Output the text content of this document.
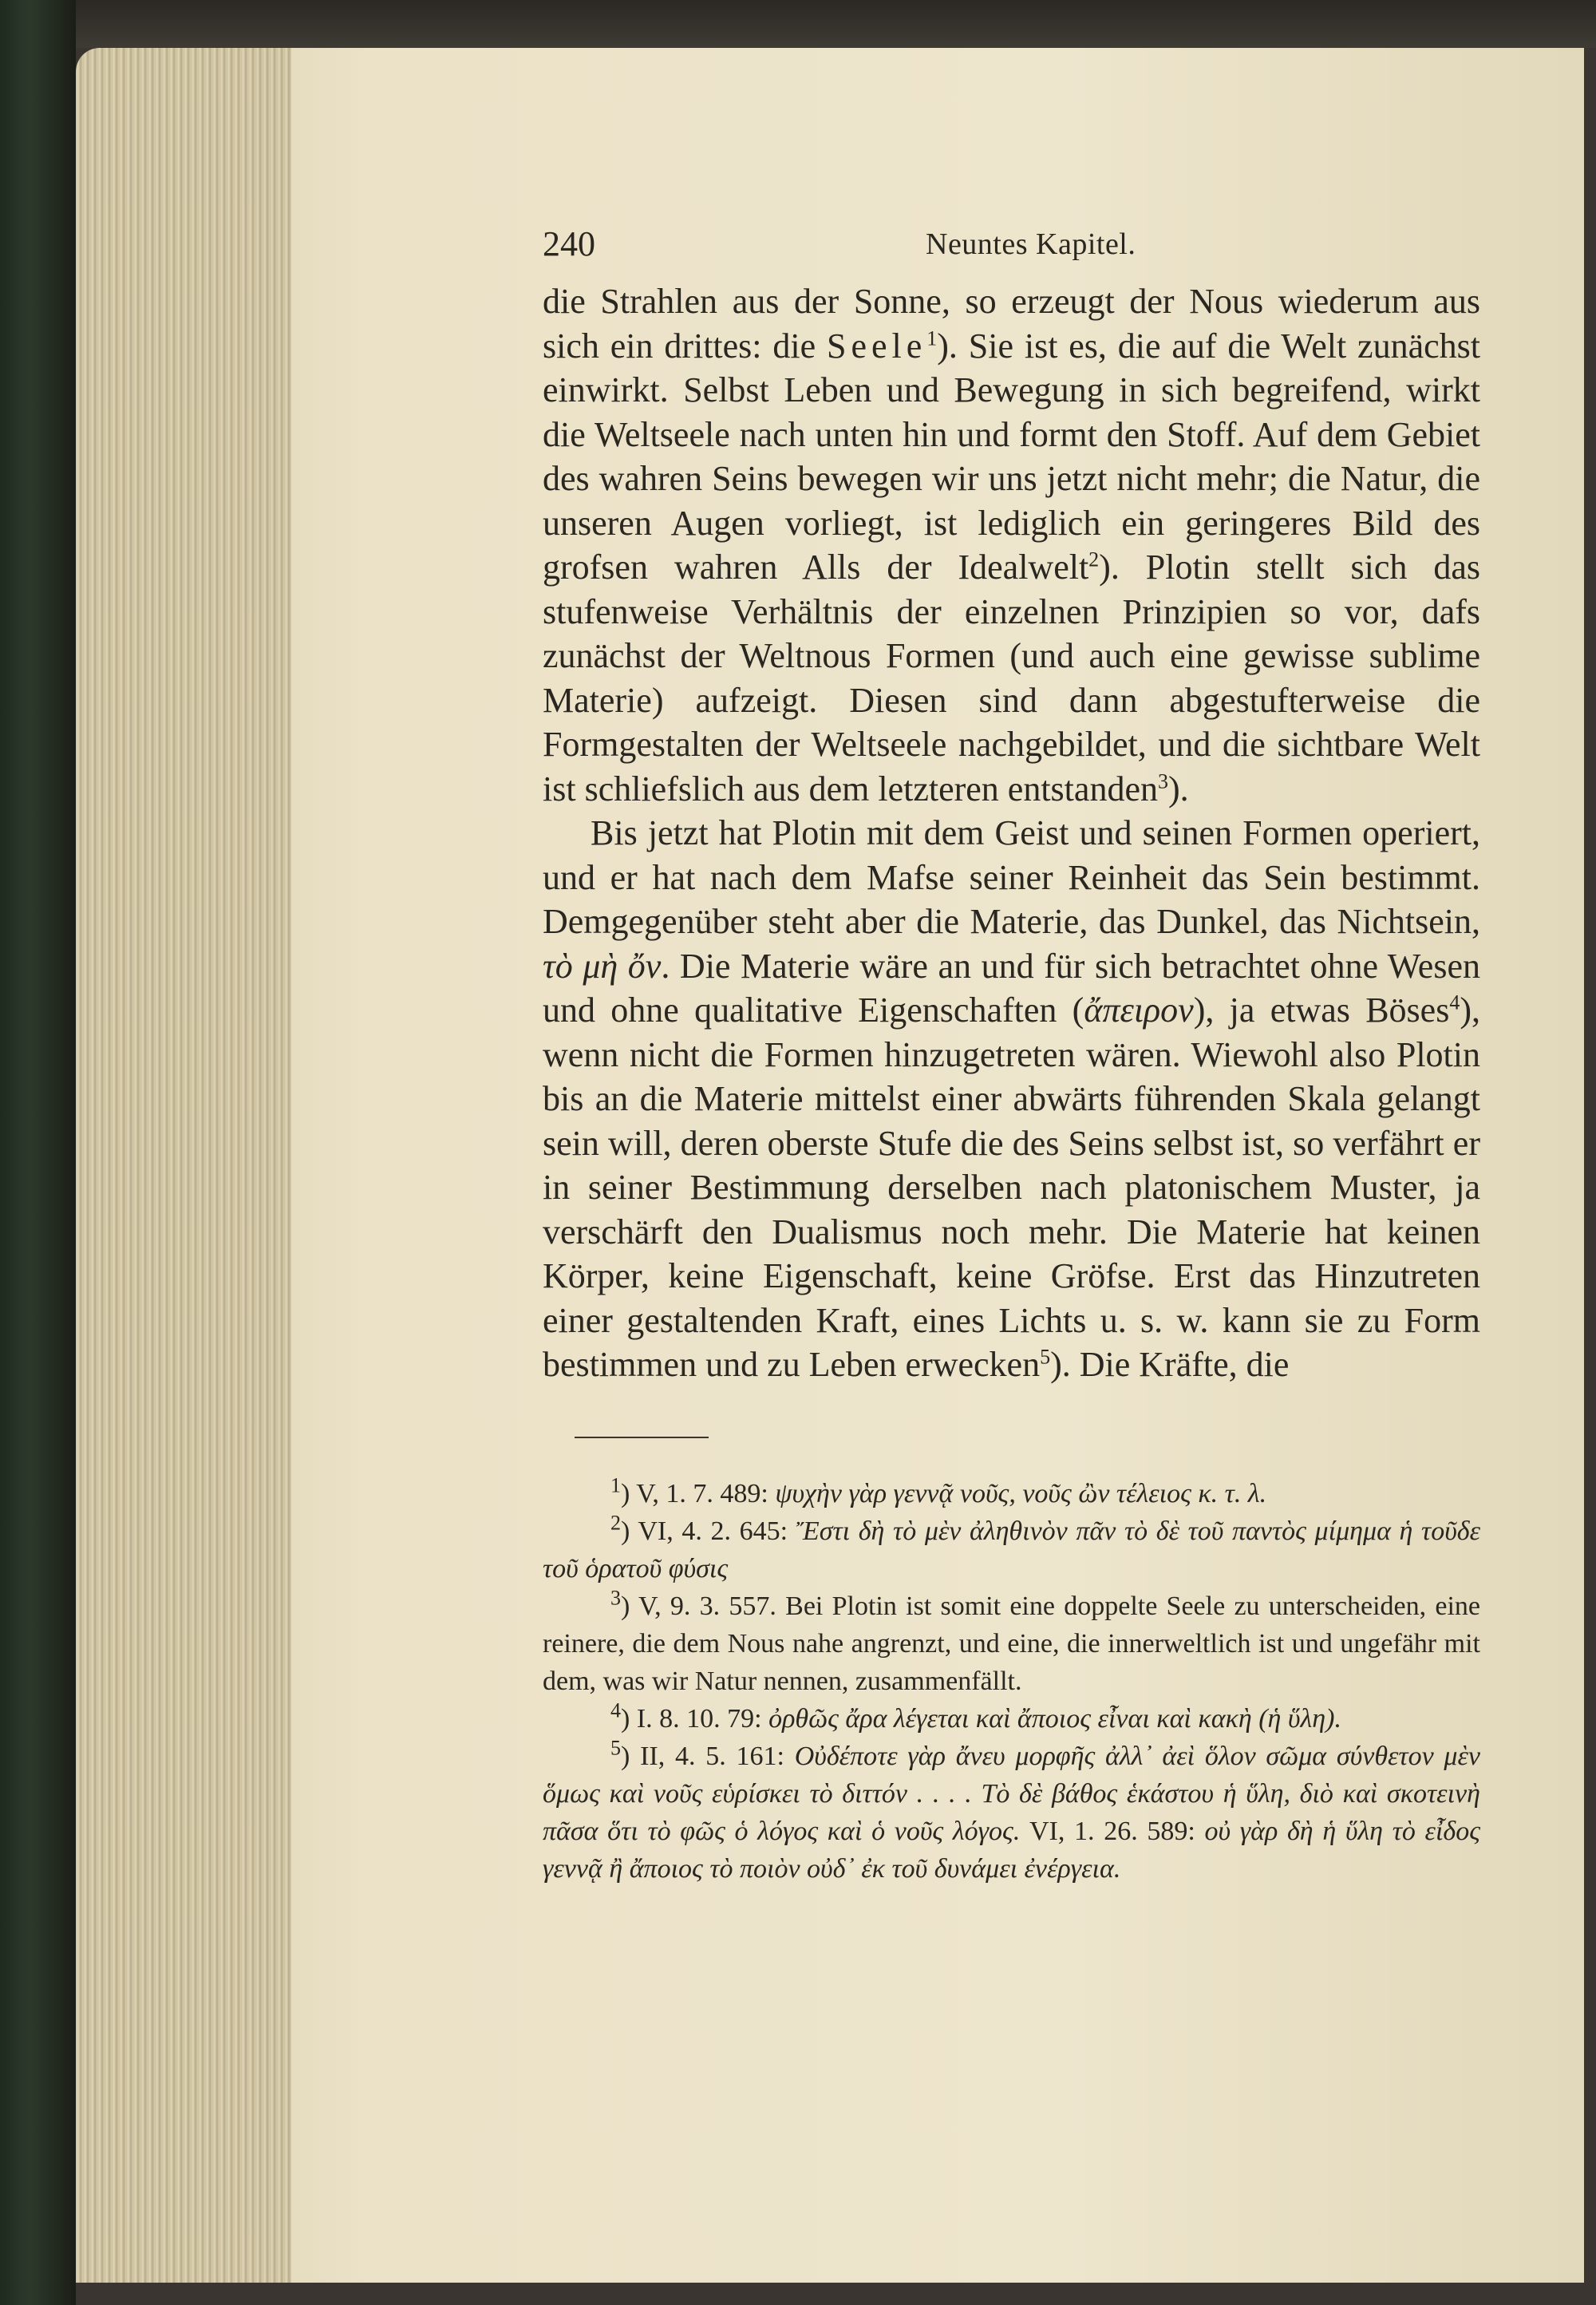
240	Neuntes Kapitel.

die Strahlen aus der Sonne, so erzeugt der Nous wiederum aus sich ein drittes: die Seele$^1$). Sie ist es, die auf die Welt zunächst einwirkt. Selbst Leben und Bewegung in sich begreifend, wirkt die Weltseele nach unten hin und formt den Stoff. Auf dem Gebiet des wahren Seins bewegen wir uns jetzt nicht mehr; die Natur, die unseren Augen vorliegt, ist lediglich ein geringeres Bild des grofsen wahren Alls der Idealwelt$^2$). Plotin stellt sich das stufenweise Verhältnis der einzelnen Prinzipien so vor, dafs zunächst der Weltnous Formen (und auch eine gewisse sublime Materie) aufzeigt. Diesen sind dann abgestufterweise die Formgestalten der Weltseele nachgebildet, und die sichtbare Welt ist schliefslich aus dem letzteren entstanden$^3$).

Bis jetzt hat Plotin mit dem Geist und seinen Formen operiert, und er hat nach dem Mafse seiner Reinheit das Sein bestimmt. Demgegenüber steht aber die Materie, das Dunkel, das Nichtsein, τὸ μὴ ὄν. Die Materie wäre an und für sich betrachtet ohne Wesen und ohne qualitative Eigenschaften (ἄπειρον), ja etwas Böses$^4$), wenn nicht die Formen hinzugetreten wären. Wiewohl also Plotin bis an die Materie mittelst einer abwärts führenden Skala gelangt sein will, deren oberste Stufe die des Seins selbst ist, so verfährt er in seiner Bestimmung derselben nach platonischem Muster, ja verschärft den Dualismus noch mehr. Die Materie hat keinen Körper, keine Eigenschaft, keine Gröfse. Erst das Hinzutreten einer gestaltenden Kraft, eines Lichts u. s. w. kann sie zu Form bestimmen und zu Leben erwecken$^5$). Die Kräfte, die

$^1$) V, 1. 7. 489: ψυχὴν γὰρ γεννᾷ νοῦς, νοῦς ὢν τέλειος κ. τ. λ.

$^2$) VI, 4. 2. 645: Ἔστι δὴ τὸ μὲν ἀληθινὸν πᾶν τὸ δὲ τοῦ παντὸς μίμημα ἡ τοῦδε τοῦ ὁρατοῦ φύσις

$^3$) V, 9. 3. 557. Bei Plotin ist somit eine doppelte Seele zu unterscheiden, eine reinere, die dem Nous nahe angrenzt, und eine, die innerweltlich ist und ungefähr mit dem, was wir Natur nennen, zusammenfällt.

$^4$) I. 8. 10. 79: ὀρθῶς ἄρα λέγεται καὶ ἄποιος εἶναι καὶ κακὴ (ἡ ὕλη).

$^5$) II, 4. 5. 161: Οὐδέποτε γὰρ ἄνευ μορφῆς ἀλλ᾽ ἀεὶ ὅλον σῶμα σύνθετον μὲν ὅμως καὶ νοῦς εὑρίσκει τὸ διττόν . . . . Τὸ δὲ βάθος ἑκάστου ἡ ὕλη, διὸ καὶ σκοτεινὴ πᾶσα ὅτι τὸ φῶς ὁ λόγος καὶ ὁ νοῦς λόγος. VI, 1. 26. 589: οὐ γὰρ δὴ ἡ ὕλη τὸ εἶδος γεννᾷ ἢ ἄποιος τὸ ποιὸν οὐδ᾽ ἐκ τοῦ δυνάμει ἐνέργεια.
